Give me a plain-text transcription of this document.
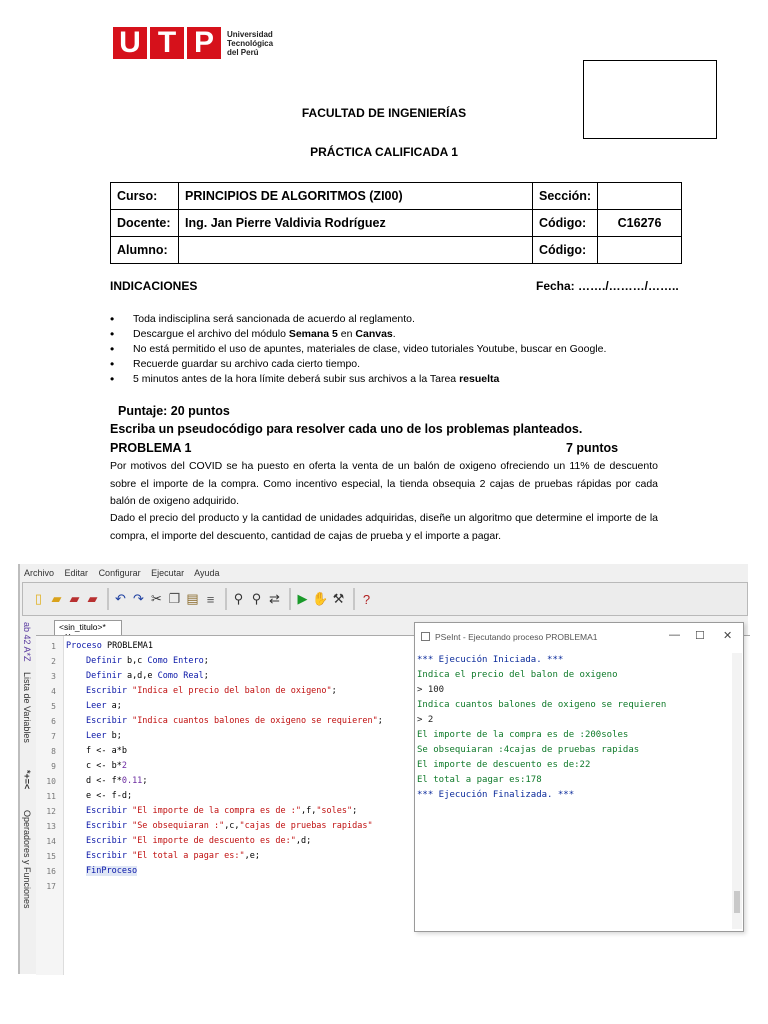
U T P	Universidad
Tecnológica
del Perú
FACULTAD DE INGENIERÍAS
PRÁCTICA CALIFICADA 1
Curso:	PRINCIPIOS DE ALGORITMOS (ZI00)	Sección:	
Docente:	Ing. Jan Pierre Valdivia Rodríguez	Código:	C16276
Alumno:		Código:	
INDICACIONES	Fecha: ……./………/……..
• Toda indisciplina será sancionada de acuerdo al reglamento.
• Descargue el archivo del módulo Semana 5 en Canvas.
• No está permitido el uso de apuntes, materiales de clase, video tutoriales Youtube, buscar en Google.
• Recuerde guardar su archivo cada cierto tiempo.
• 5 minutos antes de la hora límite deberá subir sus archivos a la Tarea resuelta
Puntaje: 20 puntos
Escriba un pseudocódigo para resolver cada uno de los problemas planteados.
PROBLEMA 1	7 puntos
Por motivos del COVID se ha puesto en oferta la venta de un balón de oxigeno ofreciendo un 11% de descuento sobre el importe de la compra. Como incentivo especial, la tienda obsequia 2 cajas de pruebas rápidas por cada balón de oxigeno adquirido.
Dado el precio del producto y la cantidad de unidades adquiridas, diseñe un algoritmo que determine el importe de la compra, el importe del descuento, cantidad de cajas de prueba y el importe a pagar.
Archivo Editar Configurar Ejecutar Ayuda
▯ ▰ ▰ ▰ ↶ ↷ ✂ ❐ ▤ ≡ ⚲ ⚲ ⇄ ▶ ✋ ⚒ ?
ab 42 A*Z
Lista de Variables
*+=<
Operadores y Funciones
<sin_titulo>*
1
2
3
4
5
6
7
8
9
10
11
12
13
14
15
16
17
Proceso PROBLEMA1
Definir b,c Como Entero;
Definir a,d,e Como Real;
Escribir "Indica el precio del balon de oxigeno";
Leer a;
Escribir "Indica cuantos balones de oxigeno se requieren";
Leer b;
f <- a*b
c <- b*2
d <- f*0.11;
e <- f-d;
Escribir "El importe de la compra es de :",f,"soles";
Escribir "Se obsequiaran :",c,"cajas de pruebas rapidas"
Escribir "El importe de descuento es de:",d;
Escribir "El total a pagar es:",e;
FinProceso
PSeInt - Ejecutando proceso PROBLEMA1	— ☐ ✕
*** Ejecución Iniciada. ***
Indica el precio del balon de oxigeno
> 100
Indica cuantos balones de oxigeno se requieren
> 2
El importe de la compra es de :200soles
Se obsequiaran :4cajas de pruebas rapidas
El importe de descuento es de:22
El total a pagar es:178
*** Ejecución Finalizada. ***
